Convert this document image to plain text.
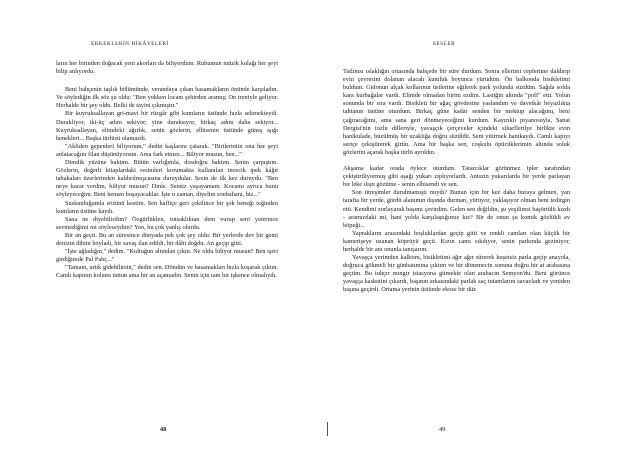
ERKEKLERİN HİKÂYELERİ

ların her birinden doğacak yeni akorları da biliyordum. Ruhumun müzik kulağı her şeyi bilip anlıyordu.

Beni bahçenin taşlık bölümünde, verandaya çıkan basamakların önünde karşıladın. Ve söylediğin ilk söz şu oldu: "Ben yokken locam şehirden aramış; On treniyle geliyor. Herhalde bir şey oldu. Belki de tayini çıkmıştır."

Bir kuyruksallayan gri-mavi bir rüzgâr gibi kumların üstünde hızla sekmekteydi. Durakliyor, iki-üç adım sekiyor; yine duraksıyor, birkaç adım daha sekiyor... Kuyruksallayan, elimdeki ağırlık, senin gözlerin, elbisenin üstünde güneş ışığı benekleri... Başka türlüsü olamazdı.

"Akliden gepenleri biliyorum," dedin kaşlarını çatarak. "Birileriniin ona her şeyi anlatacağını filan düşünüyorsun. Ama fark etmez... Biliyor musun, ben..."

Dimdik yüzüne baktım. Bütün varlığımla, dosdoğru baktım. Senin çarpıştım. Gözlerin, değerli kitaplardaki resimleri korumakta kullanılan incecik ipek kâğıt tabakaları üzerlerinden kaldırılmışcasına duruydular. Sesin de ilk kez duruydu. "Ben neye karar verdim, biliyor musun? Dinle. Sensiz yaşayamam. Kocamı ayrıca bunu söyleyeceğim. Beni hemen boşayacaklar. İşte o zaman, diyelim sonbahara, biz..."

Suskunluğumla sözünü kestim. Sen haffiçe geri çekilince bir şok beneği teğinden kumların üstüne kaydı.

Sana ne diyebilirdim? Özgürlüklen, tutsaklıktan dem vurup seni yeterince sevmediğimi mi söyleseydim? Yoo, bu çok yanlış olurdu.

Bir an geçti. Bu an süresince dünyada pek çok şey oldu: Bir yerlerde dev bir gemi denizin dibini boyladı, bir savaş ilan edildi, bir dâhi doğdu. An geçip gitti.

"İşte ağladığın," dedim. "Koltuğun altından çıkın. Ne oldu biliyor musun? Ben işeri girdiğimde Pal Pahç..."

"Tamam, artık gidebilirsin," dedin sen. Döndün ve basamakları hızla koşarak çıktın. Camlı kapının kolunu tuttun ama bir an açamadın. Senin için tam bir işkence olmalıydı.

48
SESLER

Tatlımsı ıslaklığın ortasında bahçede bir süre durdum. Sonra ellerimi ceplerime daldırıp evin çevresini dolanan alacalı kumluk boyunca yürüdüm. Ön balkonda bisikletimi buldum. Gidonun alçak kollarının üstlerine eğilerek park yolunda süzdüm. Sağda solda kara kurbağalar vardı. Elimde olmadan birini ezdim. Lastiğin altında "poff" etti. Yolun sonunda bir sıra vardı. Bisikleti bir ağaç gövdesine yaslandım ve davetkâr beyazlıkta tahtanın üstüne oturdum. Birkaç güne kadar senden bir mektup alacağımı, beni çağıracağımı, ama sana geri dönmeyeceğimi kurdum. Kayırıklı piyanosuyla, Sanat Dergisi'nin tozlu dilleriyle, yavaşçık çerçeveler içindeki silueflerilye birlikte evin hanikulade, büzülmüş bir uzaklığa doğru süzüldü. Seni yitirmek hanikaydı. Camlı kapıyı sertçe çekiştirerek girtin. Ama bir başka sen, coşkulu öpücüklerimin altında soluk gözlerini açarak başka türlü ayrıldın.

Akşama kadar orada öylece oturdum. Tatarcıklar görünmez ipler tarafından çekiştiriliyormuş gibi aşağı yukarı zıplıyorlardı. Aniszin yukarılarda bir yerde parlayan bir leke ılıştı gözüme - senin elbisendi ve sen.

Son titreşimler durulmamıştı mıydı? Bunun için bir kez daha buraya gelmen, yan tarafta bir yerde, gördü alanımın dışında durman, yürüyor, yaklaşıyor olman beni tedirgin etti. Kendimi zorlayarak başımı çevirdim. Gelen sen değildin, şu yeşilimsi başörtülü kızdı - aramızdaki mi, hani yolda karşılaştığımız kız? Bir de onun şu komik gözlükli av köpeği...

Yaprakların arasındaki boşluklardan geçip gitti ve renkli camları olan küçük bir kamerişeye uzanan köprüyü geçti. Kızın camı sıkılıyor, senin parkında geziniyor, herhalde bir anı onunla tanışarım.

Yavaşça yerimden kalktım, bisikletimi ağır ağır sürerek kuşetsiz parla geçip anayola, doğruca gökmeli bir günbatımına çıktım ve bir dönemecin sonuna doğru bir at arabasına geçtim. Bu tuhçır mıngır istasyona gitmekte olan arabacın Semyon'du. Beni görünce yavaşça kasketini çıkardı, başının arkasındaki parlak saç tutamlarını savazladı ve yeniden başına geçirdi. Ortama yerinin üstünde ekose bir düz

49
